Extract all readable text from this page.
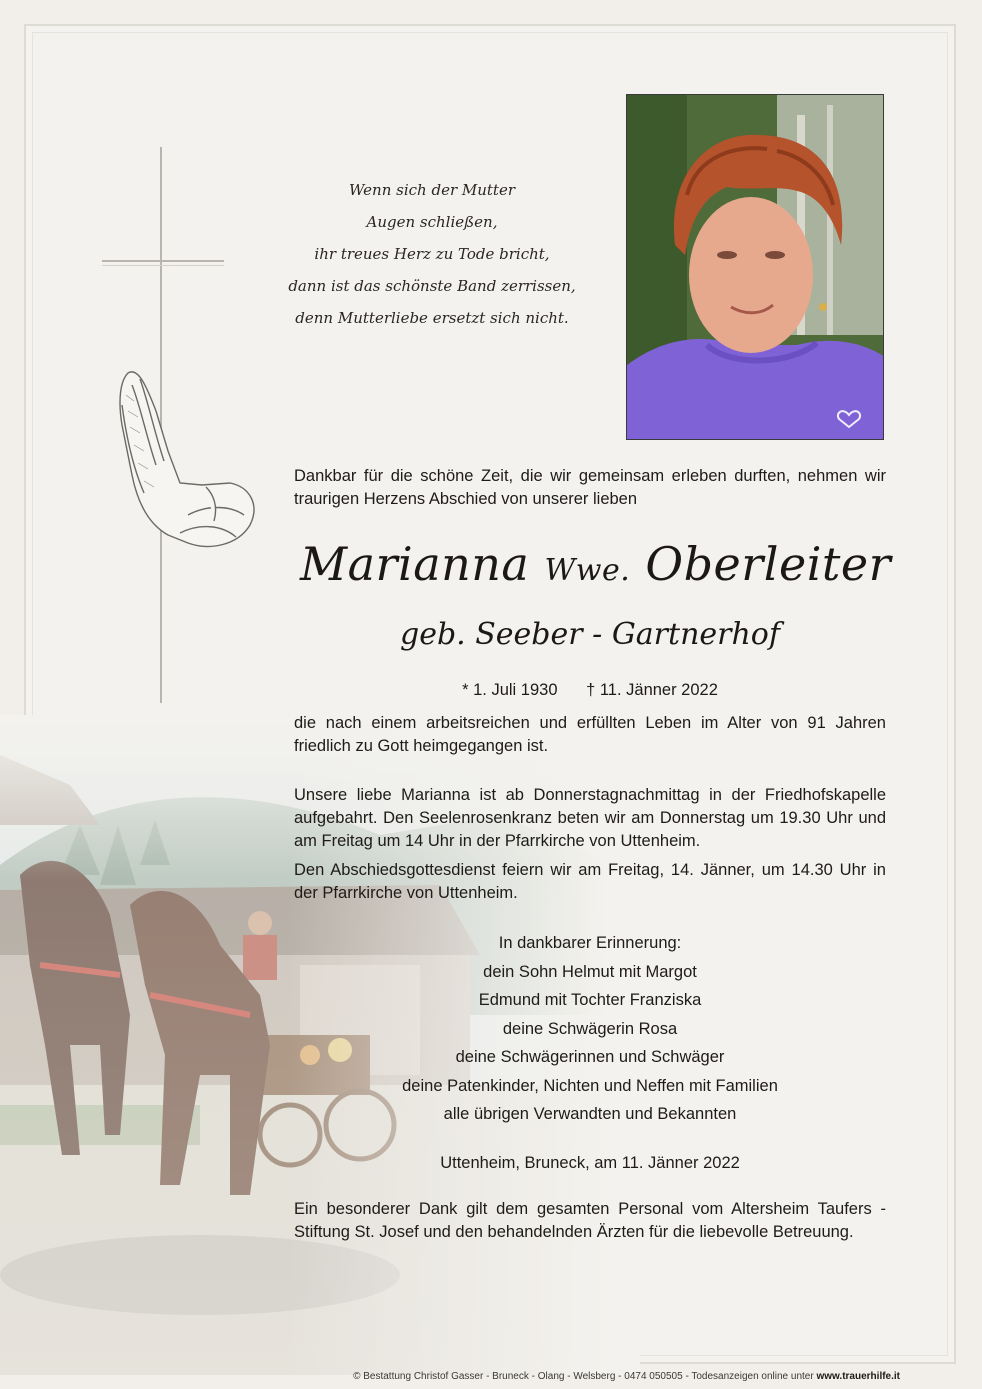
Wenn sich der Mutter
Augen schließen,
ihr treues Herz zu Tode bricht,
dann ist das schönste Band zerrissen,
denn Mutterliebe ersetzt sich nicht.
Dankbar für die schöne Zeit, die wir gemeinsam erleben durften, nehmen wir traurigen Herzens Abschied von unserer lieben
Marianna Wwe. Oberleiter
geb. Seeber - Gartnerhof
* 1. Juli 1930 † 11. Jänner 2022
die nach einem arbeitsreichen und erfüllten Leben im Alter von 91 Jahren friedlich zu Gott heimgegangen ist.
Unsere liebe Marianna ist ab Donnerstagnachmittag in der Friedhofskapelle aufgebahrt. Den Seelenrosenkranz beten wir am Donnerstag um 19.30 Uhr und am Freitag um 14 Uhr in der Pfarrkirche von Uttenheim.
Den Abschiedsgottesdienst feiern wir am Freitag, 14. Jänner, um 14.30 Uhr in der Pfarrkirche von Uttenheim.
In dankbarer Erinnerung:
dein Sohn Helmut mit Margot
Edmund mit Tochter Franziska
deine Schwägerin Rosa
deine Schwägerinnen und Schwäger
deine Patenkinder, Nichten und Neffen mit Familien
alle übrigen Verwandten und Bekannten
Uttenheim, Bruneck, am 11. Jänner 2022
Ein besonderer Dank gilt dem gesamten Personal vom Altersheim Taufers - Stiftung St. Josef und den behandelnden Ärzten für die liebevolle Betreuung.
© Bestattung Christof Gasser - Bruneck - Olang - Welsberg - 0474 050505 - Todesanzeigen online unter www.trauerhilfe.it
